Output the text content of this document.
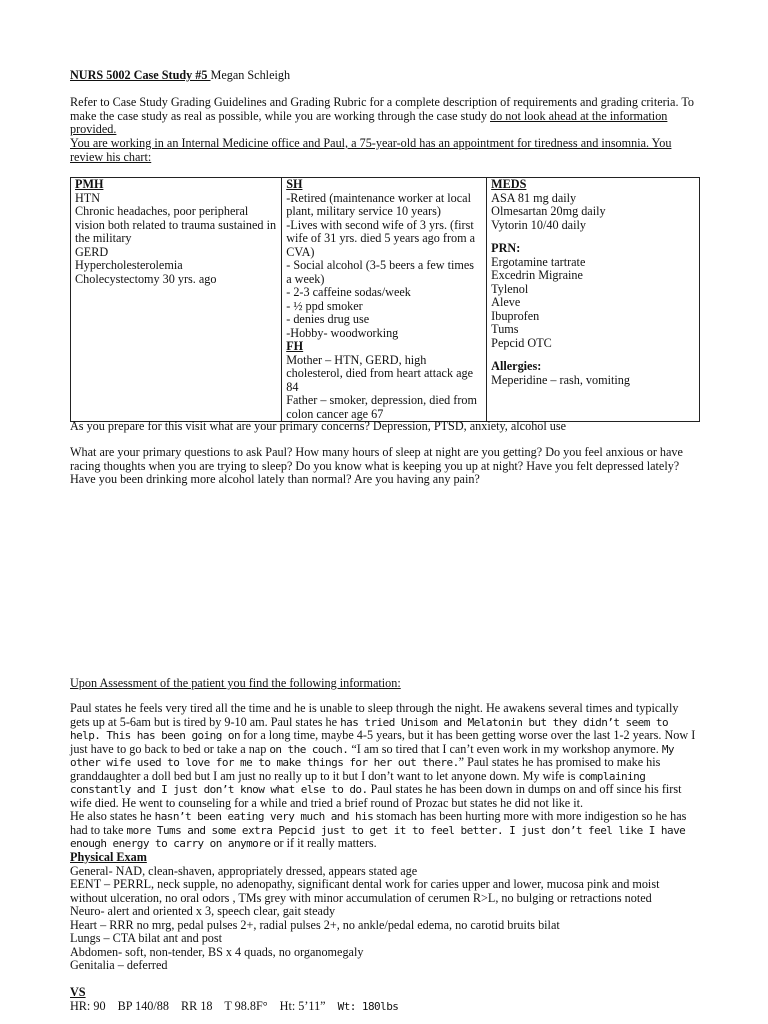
NURS 5002 Case Study #5 Megan Schleigh

Refer to Case Study Grading Guidelines and Grading Rubric for a complete description of requirements and grading criteria. To make the case study as real as possible, while you are working through the case study do not look ahead at the information provided.

You are working in an Internal Medicine office and Paul, a 75-year-old has an appointment for tiredness and insomnia. You review his chart:

PMH
HTN
Chronic headaches, poor peripheral vision both related to trauma sustained in the military
GERD
Hypercholesterolemia
Cholecystectomy 30 yrs. ago

SH
-Retired (maintenance worker at local plant, military service 10 years)
-Lives with second wife of 3 yrs. (first wife of 31 yrs. died 5 years ago from a CVA)
- Social alcohol (3-5 beers a few times a week)
- 2-3 caffeine sodas/week
- ½ ppd smoker
- denies drug use
-Hobby- woodworking
FH
Mother – HTN, GERD, high cholesterol, died from heart attack age 84
Father – smoker, depression, died from colon cancer age 67

MEDS
ASA 81 mg daily
Olmesartan 20mg daily
Vytorin 10/40 daily
PRN:
Ergotamine tartrate
Excedrin Migraine
Tylenol
Aleve
Ibuprofen
Tums
Pepcid OTC
Allergies:
Meperidine – rash, vomiting

As you prepare for this visit what are your primary concerns? Depression, PTSD, anxiety, alcohol use

What are your primary questions to ask Paul? How many hours of sleep at night are you getting? Do you feel anxious or have racing thoughts when you are trying to sleep? Do you know what is keeping you up at night? Have you felt depressed lately? Have you been drinking more alcohol lately than normal? Are you having any pain?

Upon Assessment of the patient you find the following information:

Paul states he feels very tired all the time and he is unable to sleep through the night. He awakens several times and typically gets up at 5-6am but is tired by 9-10 am. Paul states he has tried Unisom and Melatonin but they didn’t seem to help. This has been going on for a long time, maybe 4-5 years, but it has been getting worse over the last 1-2 years. Now I just have to go back to bed or take a nap on the couch. “I am so tired that I can’t even work in my workshop anymore. My other wife used to love for me to make things for her out there.” Paul states he has promised to make his granddaughter a doll bed but I am just no really up to it but I don’t want to let anyone down. My wife is complaining constantly and I just don’t know what else to do. Paul states he has been down in dumps on and off since his first wife died. He went to counseling for a while and tried a brief round of Prozac but states he did not like it.

He also states he hasn’t been eating very much and his stomach has been hurting more with more indigestion so he has had to take more Tums and some extra Pepcid just to get it to feel better. I just don’t feel like I have enough energy to carry on anymore or if it really matters.

Physical Exam
General- NAD, clean-shaven, appropriately dressed, appears stated age
EENT – PERRL, neck supple, no adenopathy, significant dental work for caries upper and lower, mucosa pink and moist without ulceration, no oral odors , TMs grey with minor accumulation of cerumen R>L, no bulging or retractions noted
Neuro- alert and oriented x 3, speech clear, gait steady
Heart – RRR no mrg, pedal pulses 2+, radial pulses 2+, no ankle/pedal edema, no carotid bruits bilat
Lungs – CTA bilat ant and post
Abdomen- soft, non-tender, BS x 4 quads, no organomegaly
Genitalia – deferred
VS
HR: 90 BP 140/88 RR 18 T 98.8F° Ht: 5’11” Wt: 180lbs
